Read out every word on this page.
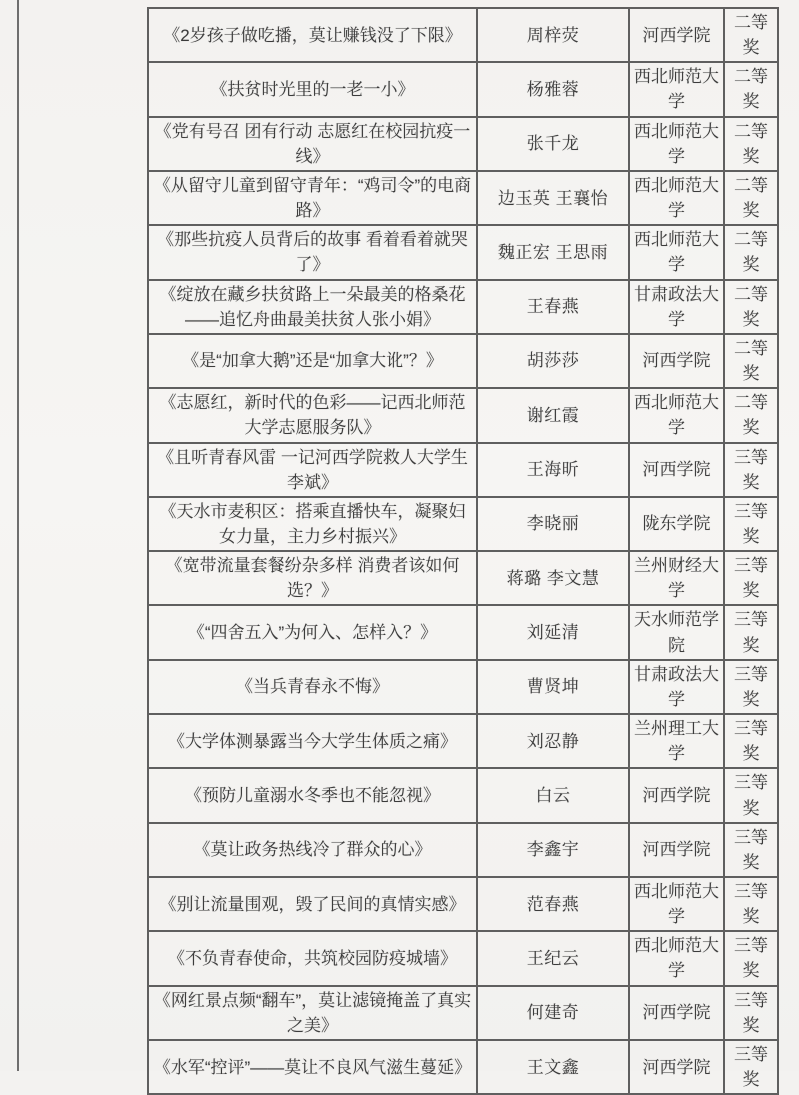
《2岁孩子做吃播，莫让赚钱没了下限》	周梓荧	河西学院	二等奖
《扶贫时光里的一老一小》	杨雅蓉	西北师范大学	二等奖
《党有号召 团有行动 志愿红在校园抗疫一线》	张千龙	西北师范大学	二等奖
《从留守儿童到留守青年：“鸡司令”的电商路》	边玉英 王襄怡	西北师范大学	二等奖
《那些抗疫人员背后的故事 看着看着就哭了》	魏正宏 王思雨	西北师范大学	二等奖
《绽放在藏乡扶贫路上一朵最美的格桑花——追忆舟曲最美扶贫人张小娟》	王春燕	甘肃政法大学	二等奖
《是“加拿大鹅”还是“加拿大讹”？》	胡莎莎	河西学院	二等奖
《志愿红，新时代的色彩——记西北师范大学志愿服务队》	谢红霞	西北师范大学	二等奖
《且听青春风雷 一记河西学院救人大学生李斌》	王海昕	河西学院	三等奖
《天水市麦积区：搭乘直播快车，凝聚妇女力量，主力乡村振兴》	李晓丽	陇东学院	三等奖
《宽带流量套餐纷杂多样 消费者该如何选？》	蒋璐 李文慧	兰州财经大学	三等奖
《“四舍五入”为何入、怎样入？》	刘延清	天水师范学院	三等奖
《当兵青春永不悔》	曹贤坤	甘肃政法大学	三等奖
《大学体测暴露当今大学生体质之痛》	刘忍静	兰州理工大学	三等奖
《预防儿童溺水冬季也不能忽视》	白云	河西学院	三等奖
《莫让政务热线冷了群众的心》	李鑫宇	河西学院	三等奖
《别让流量围观，毁了民间的真情实感》	范春燕	西北师范大学	三等奖
《不负青春使命，共筑校园防疫城墙》	王纪云	西北师范大学	三等奖
《网红景点频“翻车”，莫让滤镜掩盖了真实之美》	何建奇	河西学院	三等奖
《水军“控评”——莫让不良风气滋生蔓延》	王文鑫	河西学院	三等奖
